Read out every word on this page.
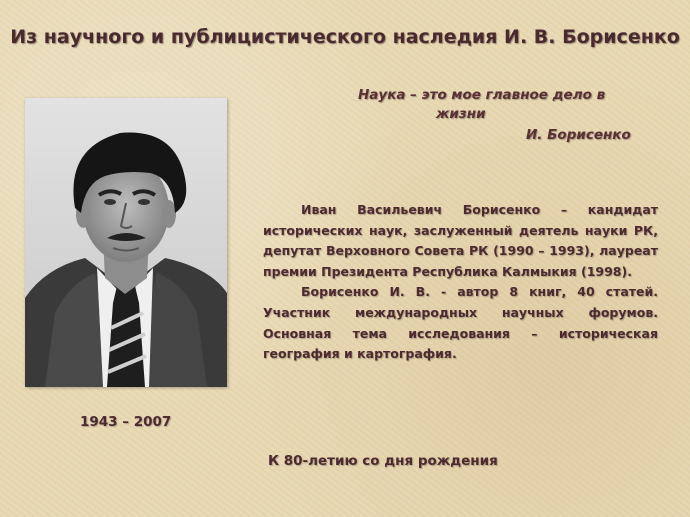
Из научного и публицистического наследия И. В. Борисенко
Наука – это мое главное дело в
жизни
И. Борисенко

Иван Васильевич Борисенко – кандидат исторических наук, заслуженный деятель науки РК, депутат Верховного Совета РК (1990 – 1993), лауреат премии Президента Республика Калмыкия (1998).

Борисенко И. В. - автор 8 книг, 40 статей. Участник международных научных форумов. Основная тема исследования – историческая география и картография.

1943 – 2007
К 80-летию со дня рождения
